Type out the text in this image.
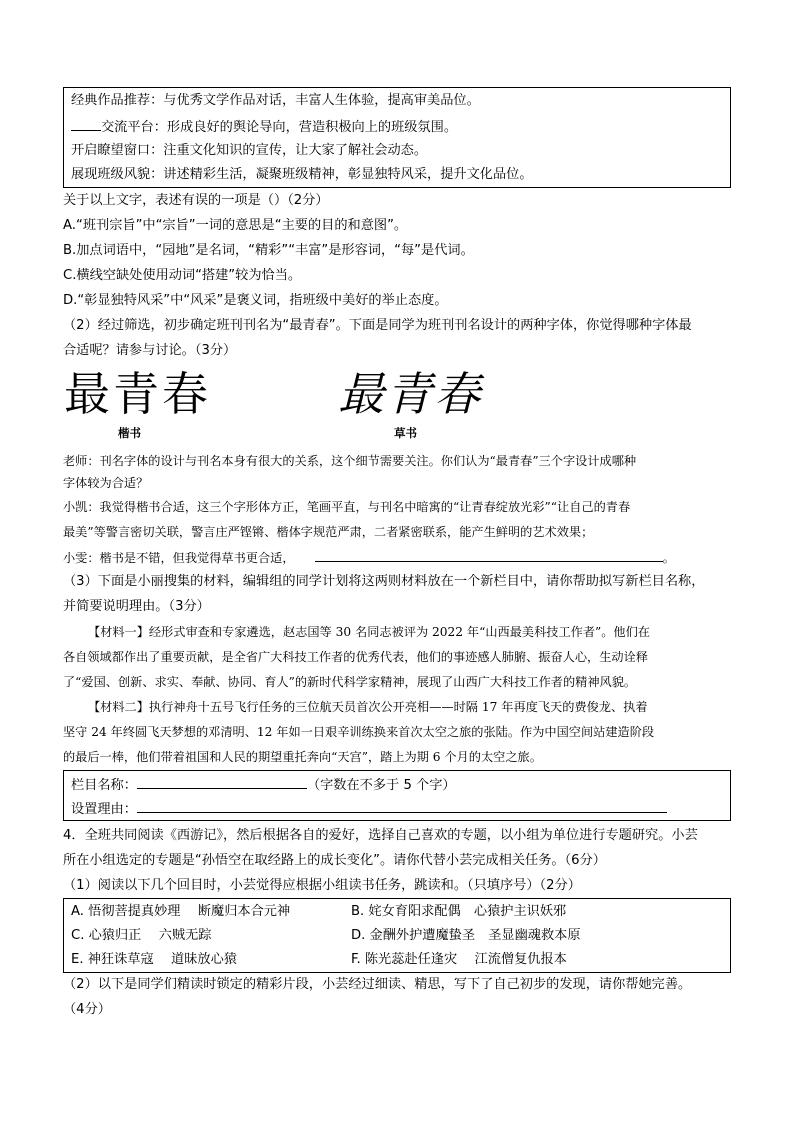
经典作品推荐：与优秀文学作品对话，丰富人生体验，提高审美品位。
交流平台：形成良好的舆论导向，营造积极向上的班级氛围。
开启瞭望窗口：注重文化知识的宣传，让大家了解社会动态。
展现班级风貌：讲述精彩生活，凝聚班级精神，彰显独特风采，提升文化品位。
关于以上文字，表述有误的一项是（）（2分）
A.“班刊宗旨”中“宗旨”一词的意思是“主要的目的和意图”。
B.加点词语中，“园地”是名词，“精彩”“丰富”是形容词，“每”是代词。
C.横线空缺处使用动词“搭建”较为恰当。
D.“彰显独特风采”中“风采”是褒义词，指班级中美好的举止态度。
（2）经过筛选，初步确定班刊刊名为“最青春”。下面是同学为班刊刊名设计的两种字体，你觉得哪种字体最
合适呢？请参与讨论。（3分）
最青春
楷书
最青春
草书
老师：刊名字体的设计与刊名本身有很大的关系，这个细节需要关注。你们认为“最青春”三个字设计成哪种
字体较为合适？
小凯：我觉得楷书合适，这三个字形体方正，笔画平直，与刊名中暗寓的“让青春绽放光彩”“让自己的青春
最美”等警言密切关联，警言庄严铿锵、楷体字规范严肃，二者紧密联系，能产生鲜明的艺术效果；
小雯：楷书是不错，但我觉得草书更合适，	。
（3）下面是小丽搜集的材料，编辑组的同学计划将这两则材料放在一个新栏目中，请你帮助拟写新栏目名称，
并简要说明理由。（3分）
【材料一】经形式审查和专家遴选，赵志国等 30 名同志被评为 2022 年“山西最美科技工作者”。他们在
各自领域都作出了重要贡献，是全省广大科技工作者的优秀代表，他们的事迹感人肺腑、振奋人心，生动诠释
了“爱国、创新、求实、奉献、协同、育人”的新时代科学家精神，展现了山西广大科技工作者的精神风貌。
【材料二】执行神舟十五号飞行任务的三位航天员首次公开亮相——时隔 17 年再度飞天的费俊龙、执着
坚守 24 年终圆飞天梦想的邓清明、12 年如一日艰辛训练换来首次太空之旅的张陆。作为中国空间站建造阶段
的最后一棒，他们带着祖国和人民的期望重托奔向“天宫”，踏上为期 6 个月的太空之旅。
栏目名称：	（字数在不多于 5 个字）
设置理由：
4．全班共同阅读《西游记》，然后根据各自的爱好，选择自己喜欢的专题，以小组为单位进行专题研究。小芸
所在小组选定的专题是“孙悟空在取经路上的成长变化”。请你代替小芸完成相关任务。（6分）
（1）阅读以下几个回目时，小芸觉得应根据小组读书任务，跳读和。（只填序号）（2分）
A. 悟彻菩提真妙理　 断魔归本合元神	B. 姹女育阳求配偶　心猿护主识妖邪
C. 心猿归正　 六贼无踪	D. 金酬外护遭魔蛰圣　圣显幽魂救本原
E. 神狂诛草寇　 道昧放心猿	F. 陈光蕊赴任逢灾　 江流僧复仇报本
（2）以下是同学们精读时锁定的精彩片段，小芸经过细读、精思，写下了自己初步的发现，请你帮她完善。
（4分）
